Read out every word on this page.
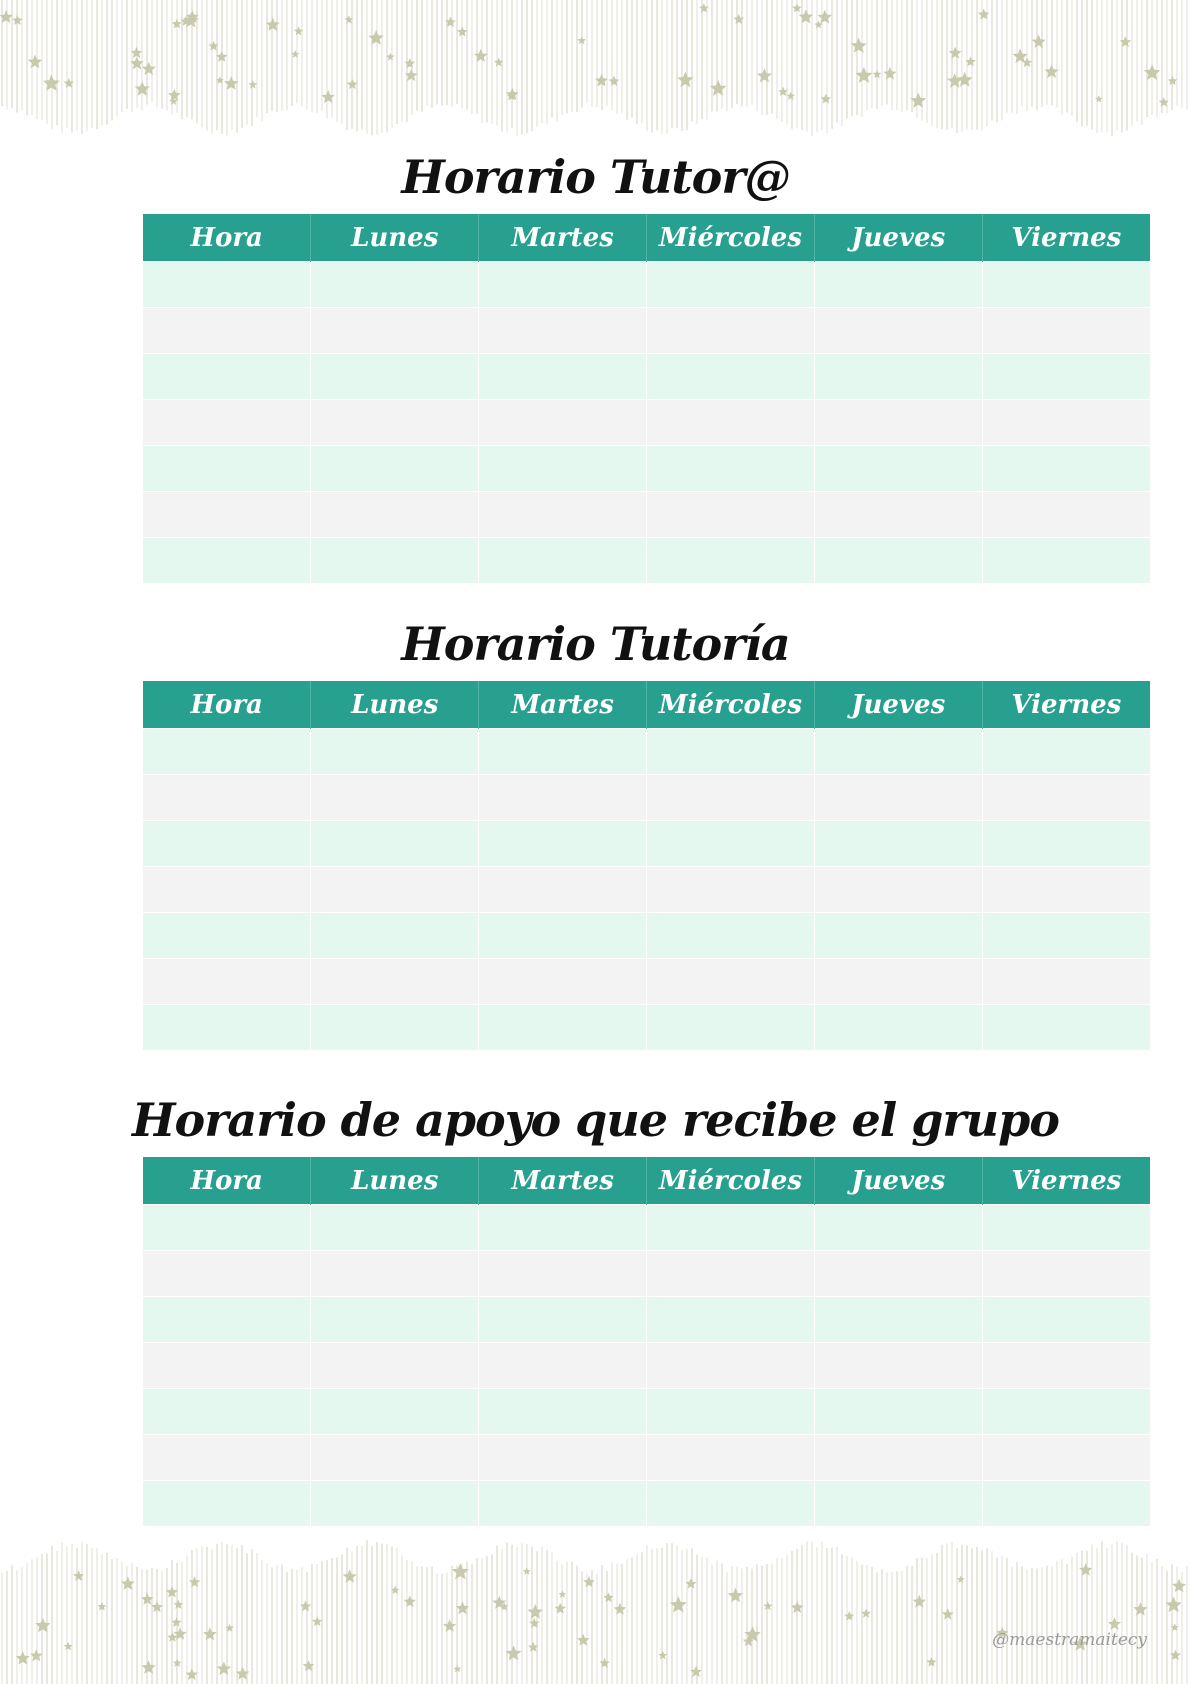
Horario Tutor@
Hora	Lunes	Martes	Miércoles	Jueves	Viernes

Horario Tutoría
Hora	Lunes	Martes	Miércoles	Jueves	Viernes

Horario de apoyo que recibe el grupo
Hora	Lunes	Martes	Miércoles	Jueves	Viernes

@maestramaitecy
